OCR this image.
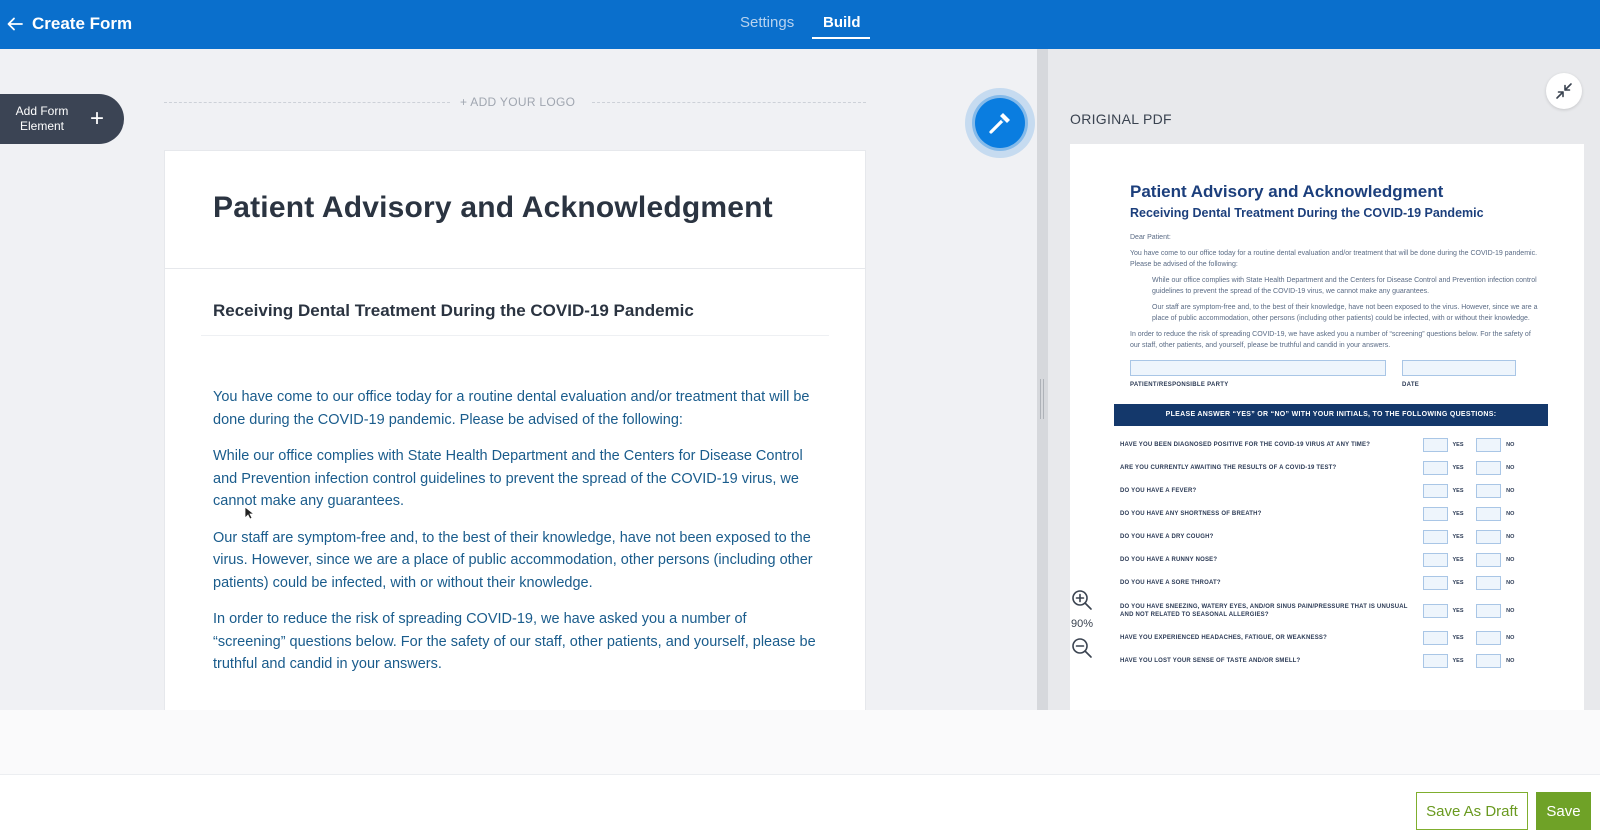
Create Form	Settings Build
Add Form Element	+
+ ADD YOUR LOGO
Patient Advisory and Acknowledgment
Receiving Dental Treatment During the COVID-19 Pandemic

You have come to our office today for a routine dental evaluation and/or treatment that will be done during the COVID-19 pandemic. Please be advised of the following:

While our office complies with State Health Department and the Centers for Disease Control and Prevention infection control guidelines to prevent the spread of the COVID-19 virus, we cannot make any guarantees.

Our staff are symptom-free and, to the best of their knowledge, have not been exposed to the virus. However, since we are a place of public accommodation, other persons (including other patients) could be infected, with or without their knowledge.

In order to reduce the risk of spreading COVID-19, we have asked you a number of “screening” questions below. For the safety of our staff, other patients, and yourself, please be truthful and candid in your answers.

ORIGINAL PDF
Patient Advisory and Acknowledgment
Receiving Dental Treatment During the COVID-19 Pandemic
Dear Patient:
You have come to our office today for a routine dental evaluation and/or treatment that will be done during the COVID-19 pandemic. Please be advised of the following:
While our office complies with State Health Department and the Centers for Disease Control and Prevention infection control guidelines to prevent the spread of the COVID-19 virus, we cannot make any guarantees.
Our staff are symptom-free and, to the best of their knowledge, have not been exposed to the virus. However, since we are a place of public accommodation, other persons (including other patients) could be infected, with or without their knowledge.
In order to reduce the risk of spreading COVID-19, we have asked you a number of “screening” questions below. For the safety of our staff, other patients, and yourself, please be truthful and candid in your answers.
PATIENT/RESPONSIBLE PARTY	DATE
PLEASE ANSWER “YES” OR “NO” WITH YOUR INITIALS, TO THE FOLLOWING QUESTIONS:
HAVE YOU BEEN DIAGNOSED POSITIVE FOR THE COVID-19 VIRUS AT ANY TIME?	YES	NO
ARE YOU CURRENTLY AWAITING THE RESULTS OF A COVID-19 TEST?	YES	NO
DO YOU HAVE A FEVER?	YES	NO
DO YOU HAVE ANY SHORTNESS OF BREATH?	YES	NO
DO YOU HAVE A DRY COUGH?	YES	NO
DO YOU HAVE A RUNNY NOSE?	YES	NO
DO YOU HAVE A SORE THROAT?	YES	NO
DO YOU HAVE SNEEZING, WATERY EYES, AND/OR SINUS PAIN/PRESSURE THAT IS UNUSUAL AND NOT RELATED TO SEASONAL ALLERGIES?
YES	NO
HAVE YOU EXPERIENCED HEADACHES, FATIGUE, OR WEAKNESS?	YES	NO
HAVE YOU LOST YOUR SENSE OF TASTE AND/OR SMELL?	YES	NO
90%
Save As Draft	Save
